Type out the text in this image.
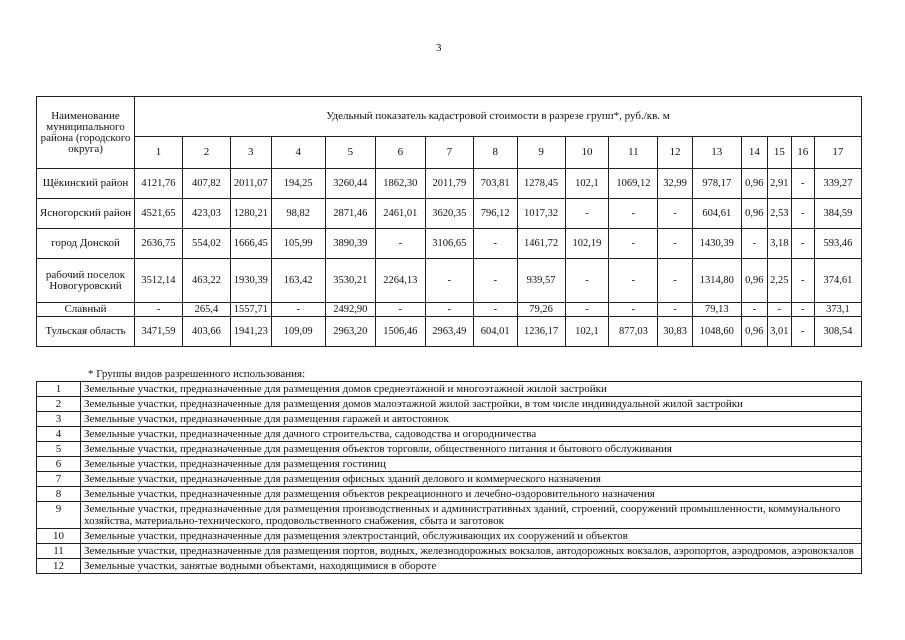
3
Наименование муниципального района (городского округа)	Удельный показатель кадастровой стоимости в разрезе групп*, руб./кв. м																
	1	2	3	4	5	6	7	8	9	10	11	12	13	14	15	16	17
Щёкинский район	4121,76	407,82	2011,07	194,25	3260,44	1862,30	2011,79	703,81	1278,45	102,1	1069,12	32,99	978,17	0,96	2,91	-	339,27
Ясногорский район	4521,65	423,03	1280,21	98,82	2871,46	2461,01	3620,35	796,12	1017,32	-	-	-	604,61	0,96	2,53	-	384,59
город Донской	2636,75	554,02	1666,45	105,99	3890,39	-	3106,65	-	1461,72	102,19	-	-	1430,39	-	3,18	-	593,46
рабочий поселок Новогуровский	3512,14	463,22	1930,39	163,42	3530,21	2264,13	-	-	939,57	-	-	-	1314,80	0,96	2,25	-	374,61
Славный	-	265,4	1557,71	-	2492,90	-	-	-	79,26	-	-	-	79,13	-	-	-	373,1
Тульская область	3471,59	403,66	1941,23	109,09	2963,20	1506,46	2963,49	604,01	1236,17	102,1	877,03	30,83	1048,60	0,96	3,01	-	308,54
* Группы видов разрешенного использования:
1	Земельные участки, предназначенные для размещения домов среднеэтажной и многоэтажной жилой застройки
2	Земельные участки, предназначенные для размещения домов малоэтажной жилой застройки, в том числе индивидуальной жилой застройки
3	Земельные участки, предназначенные для размещения гаражей и автостоянок
4	Земельные участки, предназначенные для дачного строительства, садоводства и огородничества
5	Земельные участки, предназначенные для размещения объектов торговли, общественного питания и бытового обслуживания
6	Земельные участки, предназначенные для размещения гостиниц
7	Земельные участки, предназначенные для размещения офисных зданий делового и коммерческого назначения
8	Земельные участки, предназначенные для размещения объектов рекреационного и лечебно-оздоровительного назначения
9	Земельные участки, предназначенные для размещения производственных и административных зданий, строений, сооружений промышленности, коммунального хозяйства, материально-технического, продовольственного снабжения, сбыта и заготовок
10	Земельные участки, предназначенные для размещения электростанций, обслуживающих их сооружений и объектов
11	Земельные участки, предназначенные для размещения портов, водных, железнодорожных вокзалов, автодорожных вокзалов, аэропортов, аэродромов, аэровокзалов
12	Земельные участки, занятые водными объектами, находящимися в обороте
